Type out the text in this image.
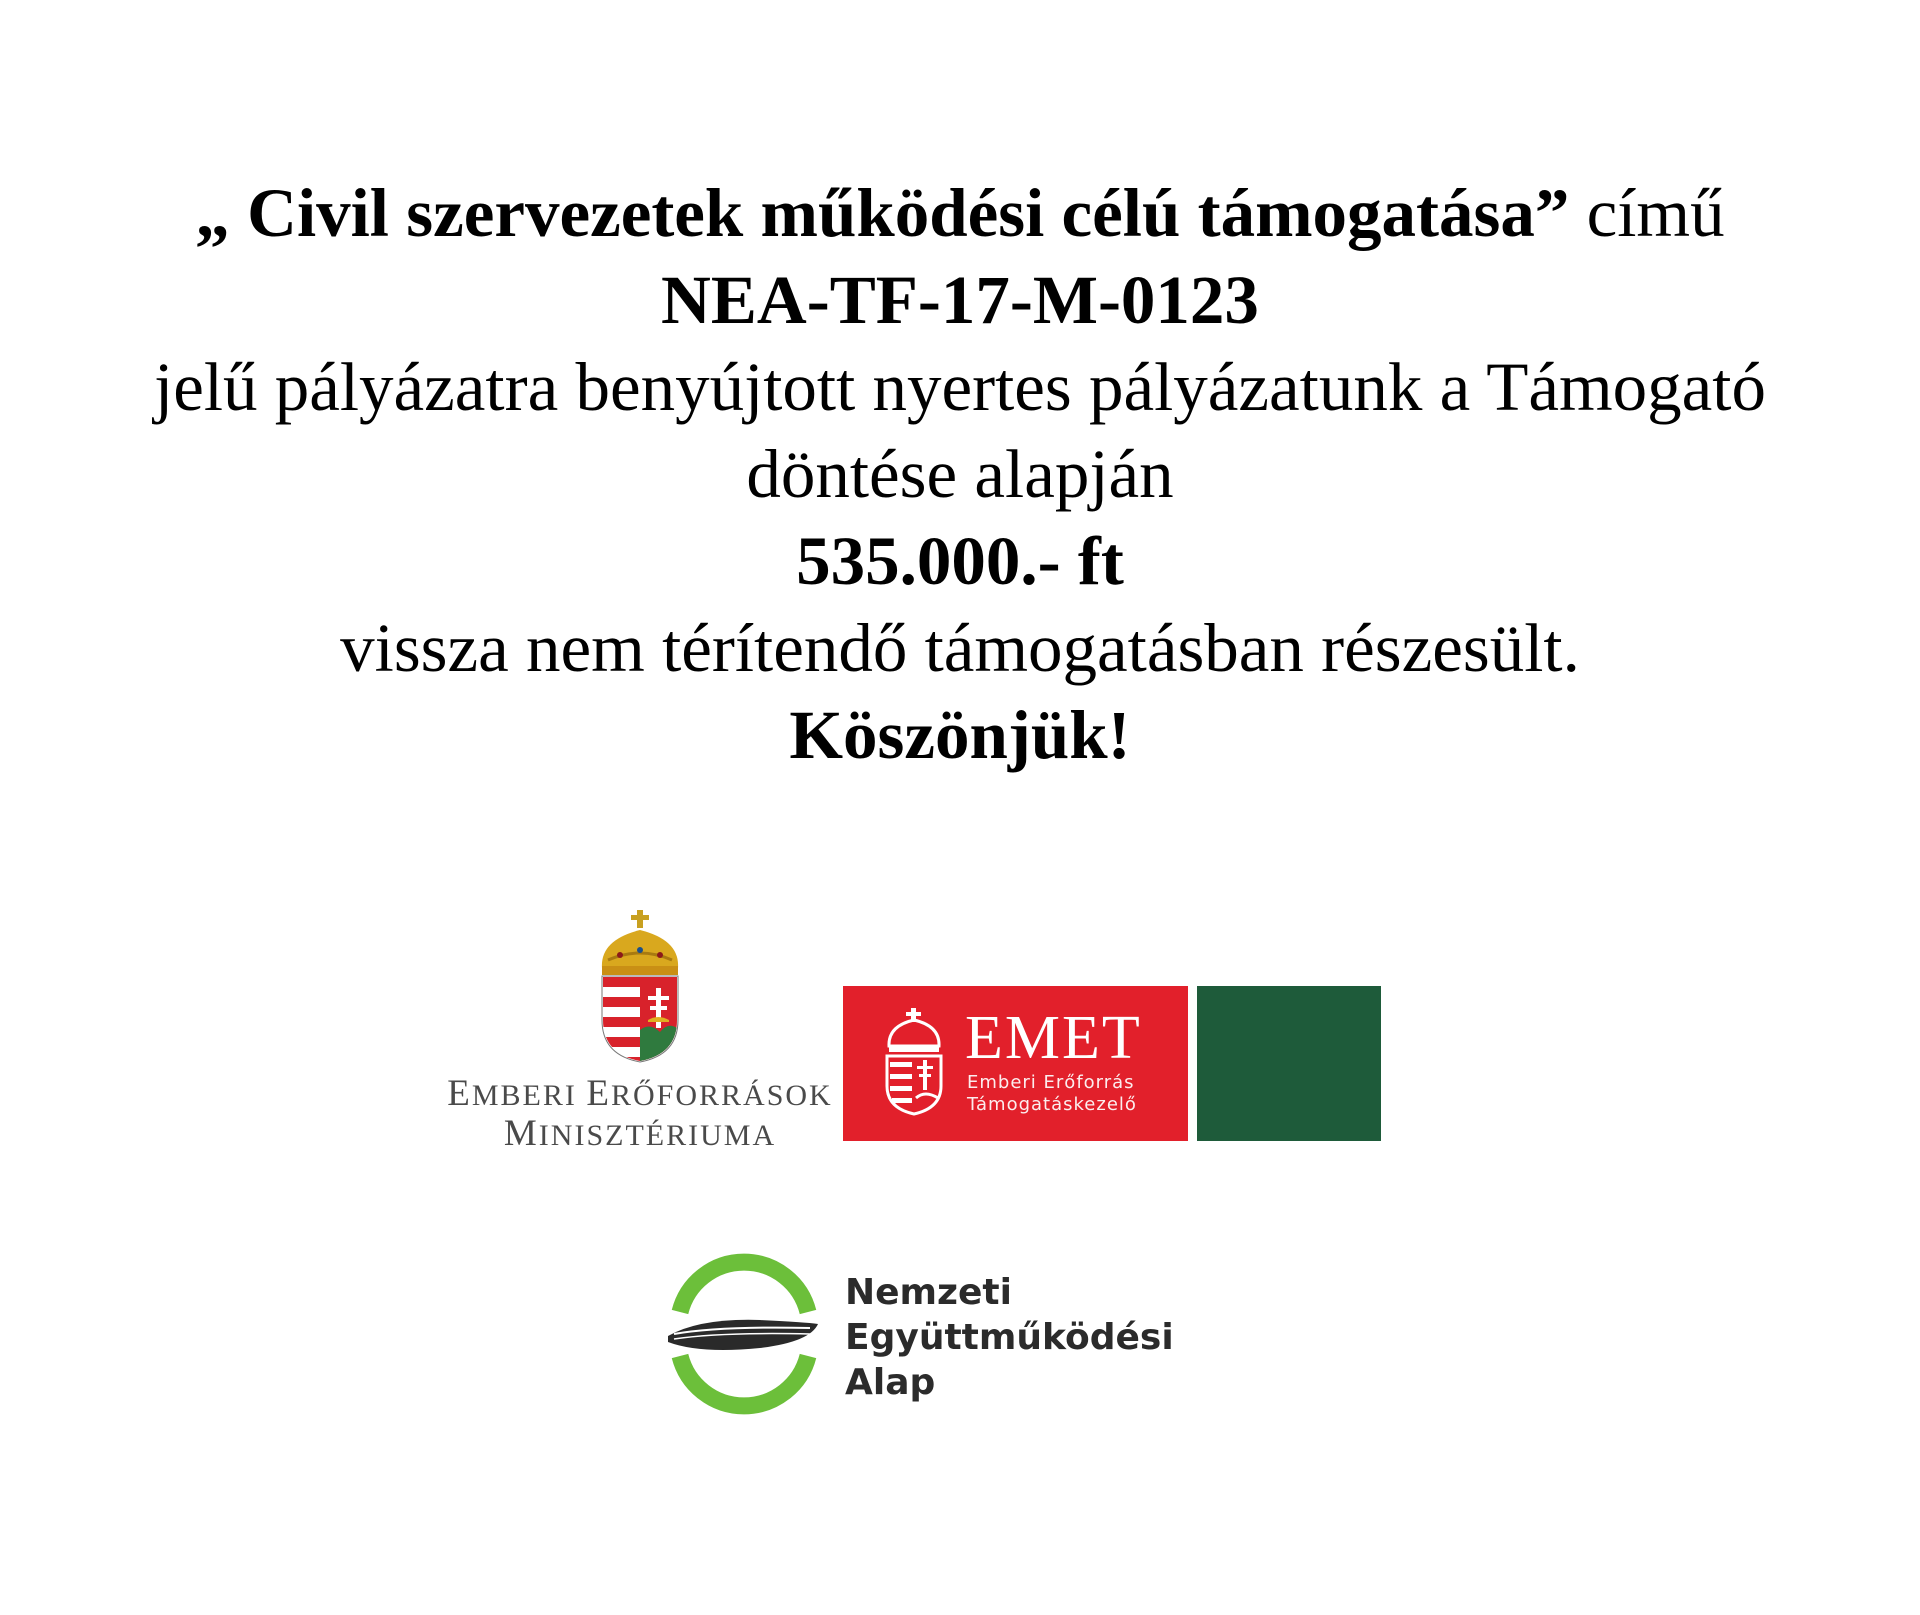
„ Civil szervezetek működési célú támogatása” című
NEA-TF-17-M-0123
jelű pályázatra benyújtott nyertes pályázatunk a Támogató
döntése alapján
535.000.- ft
vissza nem térítendő támogatásban részesült.
Köszönjük!
EMBERI ERŐFORRÁSOK
MINISZTÉRIUMA
EMET
Emberi Erőforrás
Támogatáskezelő
Nemzeti
Együttműködési
Alap
